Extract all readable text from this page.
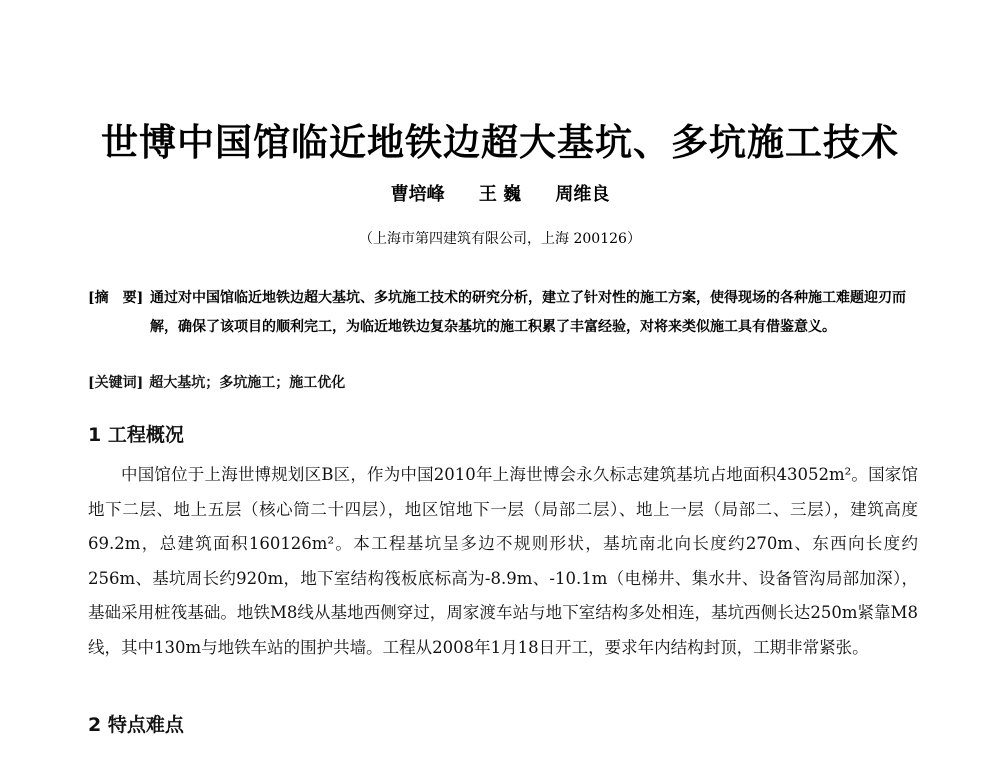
世博中国馆临近地铁边超大基坑、多坑施工技术
曹培峰 王 巍 周维良
（上海市第四建筑有限公司，上海 200126）
[摘　要] 通过对中国馆临近地铁边超大基坑、多坑施工技术的研究分析，建立了针对性的施工方案，使得现场的各种施工难题迎刃而解，确保了该项目的顺利完工，为临近地铁边复杂基坑的施工积累了丰富经验，对将来类似施工具有借鉴意义。
[关键词] 超大基坑；多坑施工；施工优化
1 工程概况
中国馆位于上海世博规划区B区，作为中国2010年上海世博会永久标志建筑基坑占地面积43052m²。国家馆地下二层、地上五层（核心筒二十四层），地区馆地下一层（局部二层）、地上一层（局部二、三层），建筑高度69.2m，总建筑面积160126m²。本工程基坑呈多边不规则形状，基坑南北向长度约270m、东西向长度约256m、基坑周长约920m，地下室结构筏板底标高为-8.9m、-10.1m（电梯井、集水井、设备管沟局部加深），基础采用桩筏基础。地铁M8线从基地西侧穿过，周家渡车站与地下室结构多处相连，基坑西侧长达250m紧靠M8线，其中130m与地铁车站的围护共墙。工程从2008年1月18日开工，要求年内结构封顶，工期非常紧张。
2 特点难点
